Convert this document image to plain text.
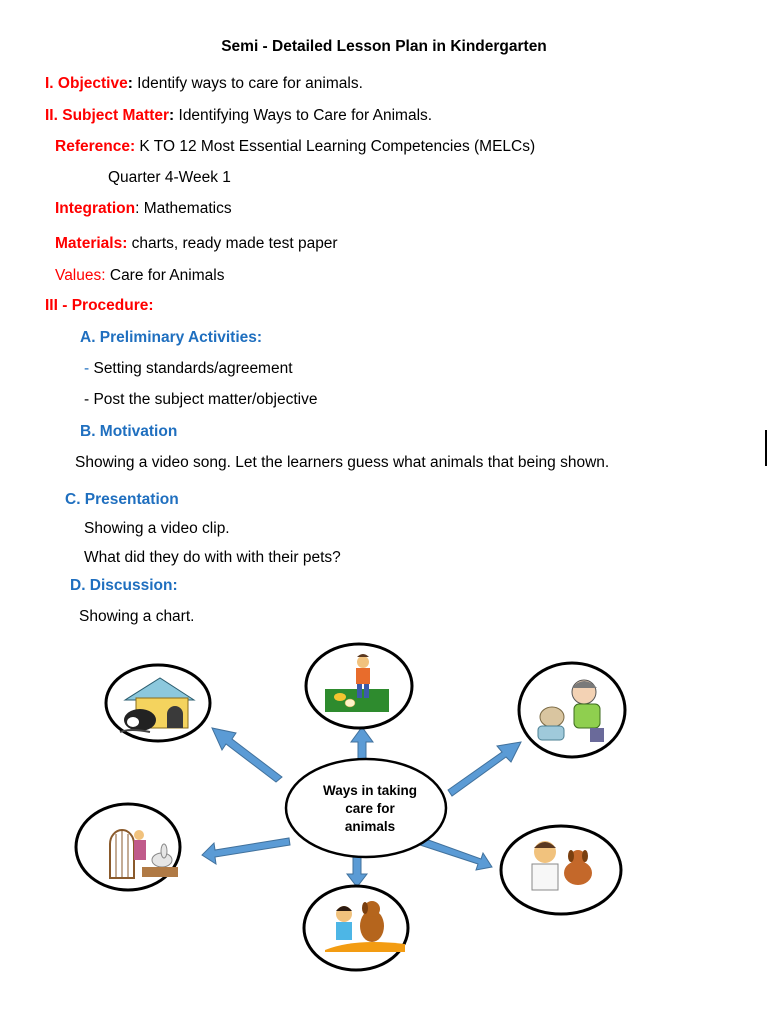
Semi - Detailed Lesson Plan in Kindergarten
I. Objective: Identify ways to care for animals.
II. Subject Matter: Identifying Ways to Care for Animals.
Reference: K TO 12 Most Essential Learning Competencies (MELCs)
Quarter 4-Week 1
Integration: Mathematics
Materials: charts, ready made test paper
Values: Care for Animals
III - Procedure:
A. Preliminary Activities:
- Setting standards/agreement
- Post the subject matter/objective
B. Motivation
Showing a video song. Let the learners guess what animals that being shown.
C. Presentation
Showing a video clip.
What did they do with with their pets?
D. Discussion:
Showing a chart.
Ways in taking
care for
animals
